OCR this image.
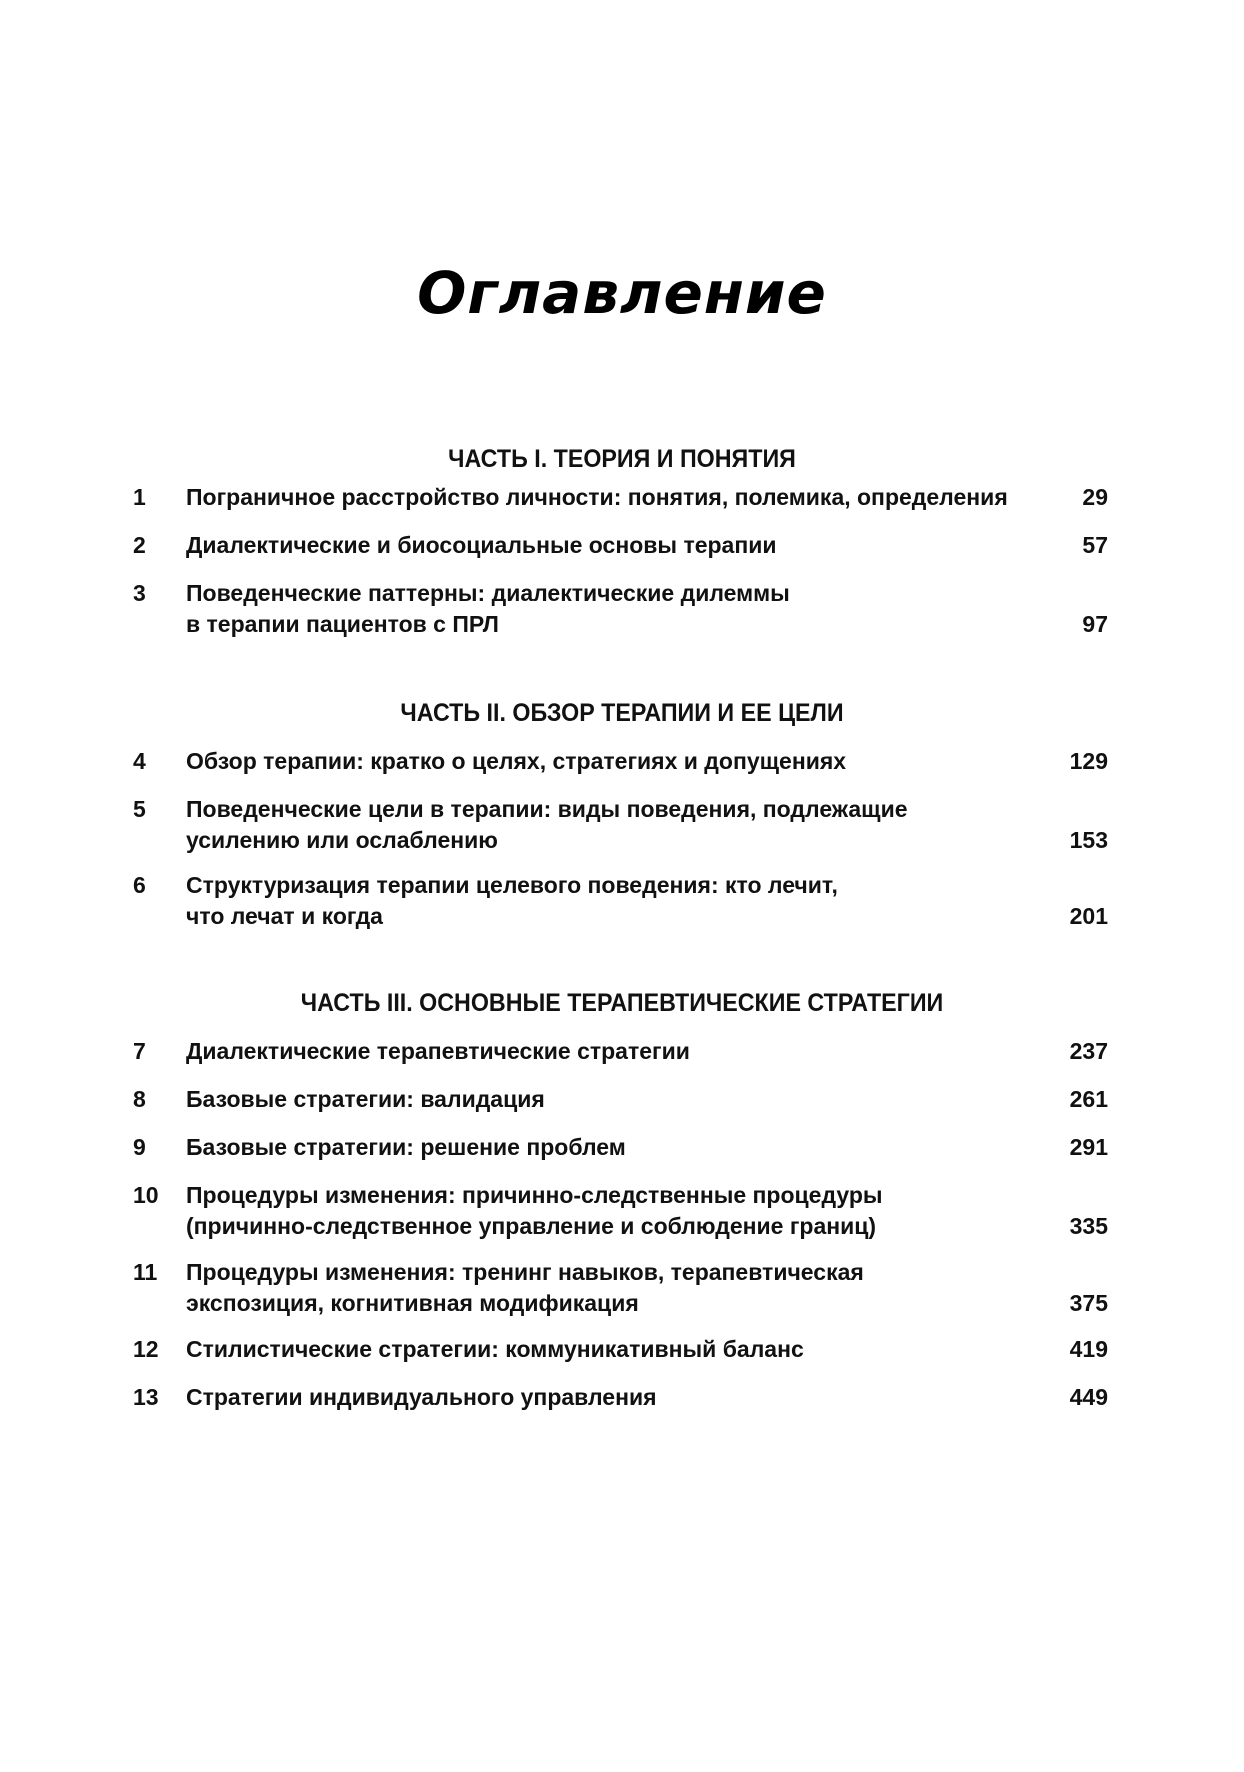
Оглавление
ЧАСТЬ I. ТЕОРИЯ И ПОНЯТИЯ
1 Пограничное расстройство личности: понятия, полемика, определения	29
2 Диалектические и биосоциальные основы терапии	57
3 Поведенческие паттерны: диалектические дилеммы
в терапии пациентов с ПРЛ	97
ЧАСТЬ II. ОБЗОР ТЕРАПИИ И ЕЕ ЦЕЛИ
4 Обзор терапии: кратко о целях, стратегиях и допущениях	129
5 Поведенческие цели в терапии: виды поведения, подлежащие
усилению или ослаблению	153
6 Структуризация терапии целевого поведения: кто лечит,
что лечат и когда	201
ЧАСТЬ III. ОСНОВНЫЕ ТЕРАПЕВТИЧЕСКИЕ СТРАТЕГИИ
7 Диалектические терапевтические стратегии	237
8 Базовые стратегии: валидация	261
9 Базовые стратегии: решение проблем	291
10 Процедуры изменения: причинно-следственные процедуры
(причинно-следственное управление и соблюдение границ)	335
11 Процедуры изменения: тренинг навыков, терапевтическая
экспозиция, когнитивная модификация	375
12 Стилистические стратегии: коммуникативный баланс	419
13 Стратегии индивидуального управления	449
